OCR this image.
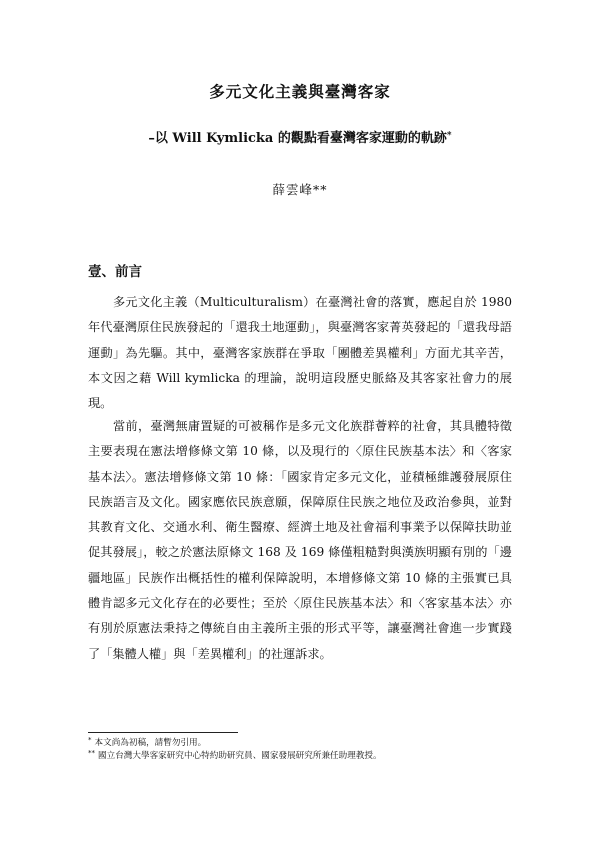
多元文化主義與臺灣客家
–以 Will Kymlicka 的觀點看臺灣客家運動的軌跡*
薛雲峰**
壹、前言

多元文化主義（Multiculturalism）在臺灣社會的落實，應起自於 1980 年代臺灣原住民族發起的「還我土地運動」，與臺灣客家菁英發起的「還我母語運動」為先驅。其中，臺灣客家族群在爭取「團體差異權利」方面尤其辛苦，本文因之藉 Will kymlicka 的理論，說明這段歷史脈絡及其客家社會力的展現。

當前，臺灣無庸置疑的可被稱作是多元文化族群薈粹的社會，其具體特徵主要表現在憲法增修條文第 10 條，以及現行的〈原住民族基本法〉和〈客家基本法〉。憲法增修條文第 10 條：「國家肯定多元文化，並積極維護發展原住民族語言及文化。國家應依民族意願，保障原住民族之地位及政治參與，並對其教育文化、交通水利、衛生醫療、經濟土地及社會福利事業予以保障扶助並促其發展」，較之於憲法原條文 168 及 169 條僅粗糙對與漢族明顯有別的「邊疆地區」民族作出概括性的權利保障說明，本增修條文第 10 條的主張實已具體肯認多元文化存在的必要性；至於〈原住民族基本法〉和〈客家基本法〉亦有別於原憲法秉持之傳統自由主義所主張的形式平等，讓臺灣社會進一步實踐了「集體人權」與「差異權利」的社運訴求。

* 本文尚為初稿，請暫勿引用。
** 國立台灣大學客家研究中心特約助研究員、國家發展研究所兼任助理教授。
